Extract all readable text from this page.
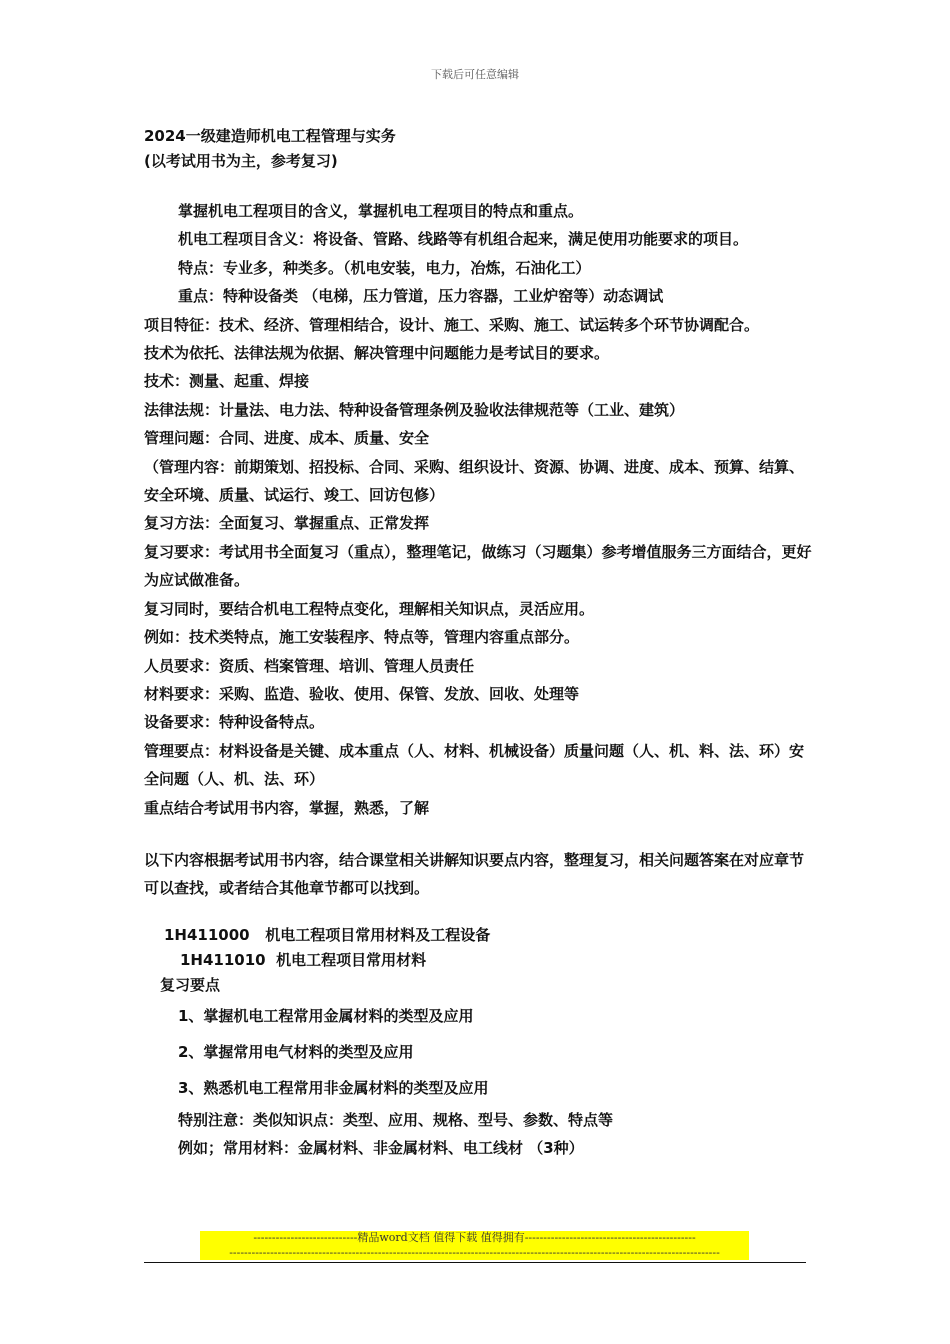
下载后可任意编辑
2024一级建造师机电工程管理与实务
(以考试用书为主，参考复习)
掌握机电工程项目的含义，掌握机电工程项目的特点和重点。
机电工程项目含义：将设备、管路、线路等有机组合起来，满足使用功能要求的项目。
特点：专业多，种类多。（机电安装，电力，冶炼，石油化工）
重点：特种设备类 （电梯，压力管道，压力容器，工业炉窑等）动态调试
项目特征：技术、经济、管理相结合，设计、施工、采购、施工、试运转多个环节协调配合。
技术为依托、法律法规为依据、解决管理中问题能力是考试目的要求。
技术：测量、起重、焊接
法律法规：计量法、电力法、特种设备管理条例及验收法律规范等（工业、建筑）
管理问题：合同、进度、成本、质量、安全
（管理内容：前期策划、招投标、合同、采购、组织设计、资源、协调、进度、成本、预算、结算、安全环境、质量、试运行、竣工、回访包修）
复习方法：全面复习、掌握重点、正常发挥
复习要求：考试用书全面复习（重点），整理笔记，做练习（习题集）参考增值服务三方面结合，更好为应试做准备。
复习同时，要结合机电工程特点变化，理解相关知识点，灵活应用。
例如：技术类特点，施工安装程序、特点等，管理内容重点部分。
人员要求：资质、档案管理、培训、管理人员责任
材料要求：采购、监造、验收、使用、保管、发放、回收、处理等
设备要求：特种设备特点。
管理要点：材料设备是关键、成本重点（人、材料、机械设备）质量问题（人、机、料、法、环）安全问题（人、机、法、环）
重点结合考试用书内容，掌握，熟悉，了解
以下内容根据考试用书内容，结合课堂相关讲解知识要点内容，整理复习，相关问题答案在对应章节可以查找，或者结合其他章节都可以找到。
1H411000 机电工程项目常用材料及工程设备
1H411010 机电工程项目常用材料
复习要点
1、掌握机电工程常用金属材料的类型及应用
2、掌握常用电气材料的类型及应用
3、熟悉机电工程常用非金属材料的类型及应用
特别注意：类似知识点：类型、应用、规格、型号、参数、特点等
例如；常用材料：金属材料、非金属材料、电工线材 （3种）
----------------------------精品word文档 值得下载 值得拥有----------------------------------------------
------------------------------------------------------------------------------------------------------------------------------------
